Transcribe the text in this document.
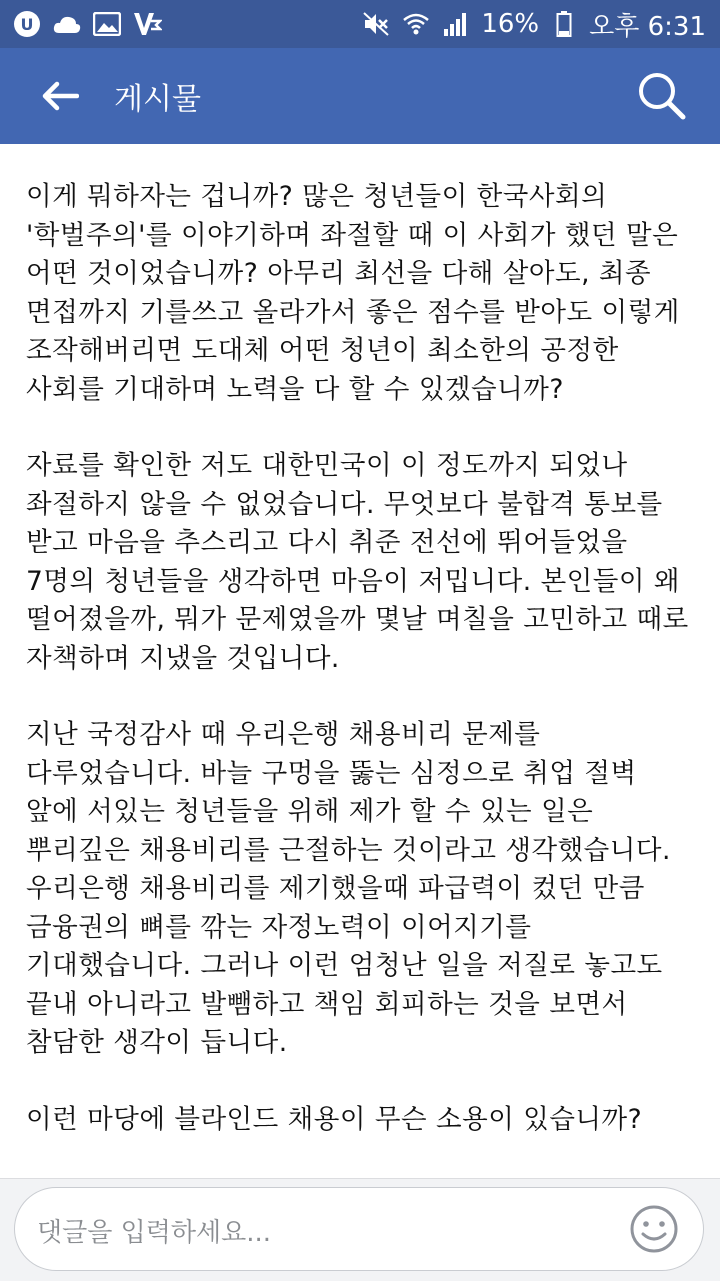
U	16% 오후 6:31
게시물

이게 뭐하자는 겁니까? 많은 청년들이 한국사회의
'학벌주의'를 이야기하며 좌절할 때 이 사회가 했던 말은
어떤 것이었습니까? 아무리 최선을 다해 살아도, 최종
면접까지 기를쓰고 올라가서 좋은 점수를 받아도 이렇게
조작해버리면 도대체 어떤 청년이 최소한의 공정한
사회를 기대하며 노력을 다 할 수 있겠습니까?

자료를 확인한 저도 대한민국이 이 정도까지 되었나
좌절하지 않을 수 없었습니다. 무엇보다 불합격 통보를
받고 마음을 추스리고 다시 취준 전선에 뛰어들었을
7명의 청년들을 생각하면 마음이 저밉니다. 본인들이 왜
떨어졌을까, 뭐가 문제였을까 몇날 며칠을 고민하고 때로
자책하며 지냈을 것입니다.

지난 국정감사 때 우리은행 채용비리 문제를
다루었습니다. 바늘 구멍을 뚫는 심정으로 취업 절벽
앞에 서있는 청년들을 위해 제가 할 수 있는 일은
뿌리깊은 채용비리를 근절하는 것이라고 생각했습니다.
우리은행 채용비리를 제기했을때 파급력이 컸던 만큼
금융권의 뼈를 깎는 자정노력이 이어지기를
기대했습니다. 그러나 이런 엄청난 일을 저질로 놓고도
끝내 아니라고 발뺌하고 책임 회피하는 것을 보면서
참담한 생각이 듭니다.

이런 마당에 블라인드 채용이 무슨 소용이 있습니까?

댓글을 입력하세요...
